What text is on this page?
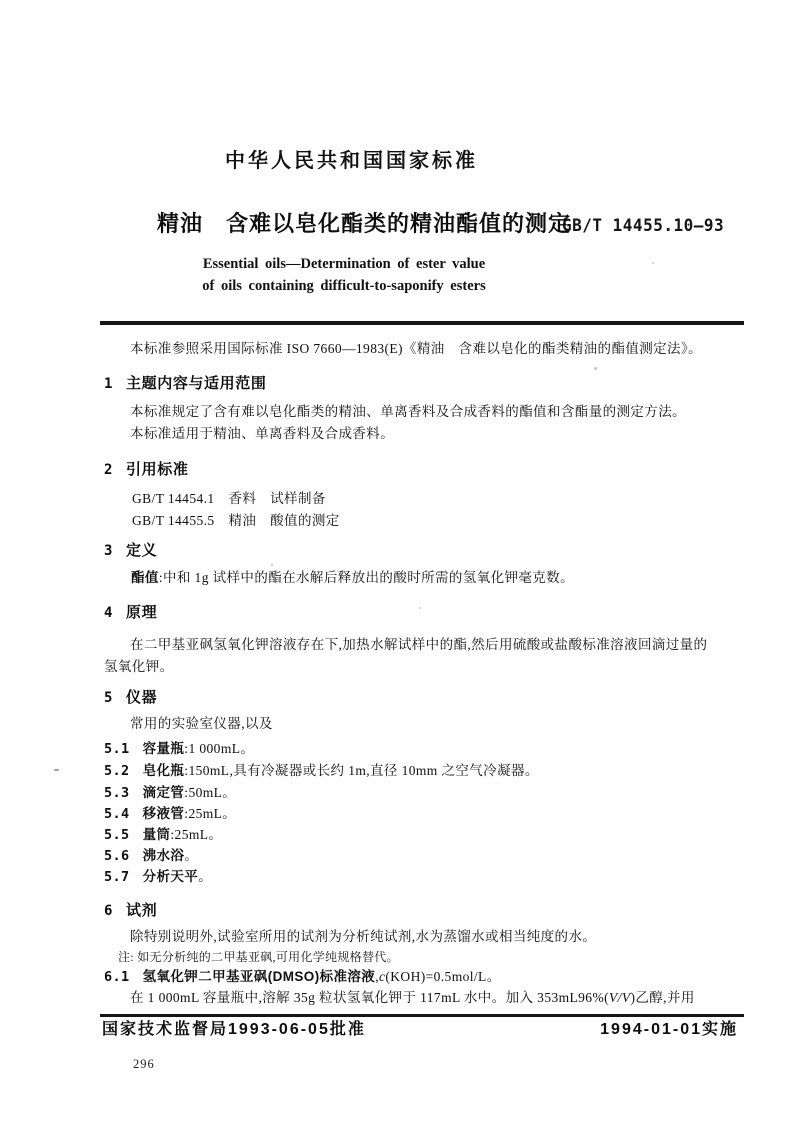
中华人民共和国国家标准
精油　含难以皂化酯类的精油酯值的测定
GB/T 14455.10—93
Essential oils—Determination of ester value
of oils containing difficult-to-saponify esters
本标准参照采用国际标准 ISO 7660—1983(E)《精油　含难以皂化的酯类精油的酯值测定法》。
1 主题内容与适用范围
本标准规定了含有难以皂化酯类的精油、单离香料及合成香料的酯值和含酯量的测定方法。
本标准适用于精油、单离香料及合成香料。
2 引用标准
GB/T 14454.1　香料　试样制备
GB/T 14455.5　精油　酸值的测定
3 定义
酯值:中和 1g 试样中的酯在水解后释放出的酸时所需的氢氧化钾毫克数。
4 原理
在二甲基亚砜氢氧化钾溶液存在下,加热水解试样中的酯,然后用硫酸或盐酸标准溶液回滴过量的
氢氧化钾。
5 仪器
常用的实验室仪器,以及
5.1 容量瓶:1 000mL。
5.2 皂化瓶:150mL,具有冷凝器或长约 1m,直径 10mm 之空气冷凝器。
5.3 滴定管:50mL。
5.4 移液管:25mL。
5.5 量筒:25mL。
5.6 沸水浴。
5.7 分析天平。
6 试剂
除特别说明外,试验室所用的试剂为分析纯试剂,水为蒸馏水或相当纯度的水。
注: 如无分析纯的二甲基亚砜,可用化学纯规格替代。
6.1 氢氧化钾二甲基亚砜(DMSO)标准溶液,c(KOH)=0.5mol/L。
在 1 000mL 容量瓶中,溶解 35g 粒状氢氧化钾于 117mL 水中。加入 353mL96%(V/V)乙醇,并用
国家技术监督局1993-06-05批准	1994-01-01实施
296
